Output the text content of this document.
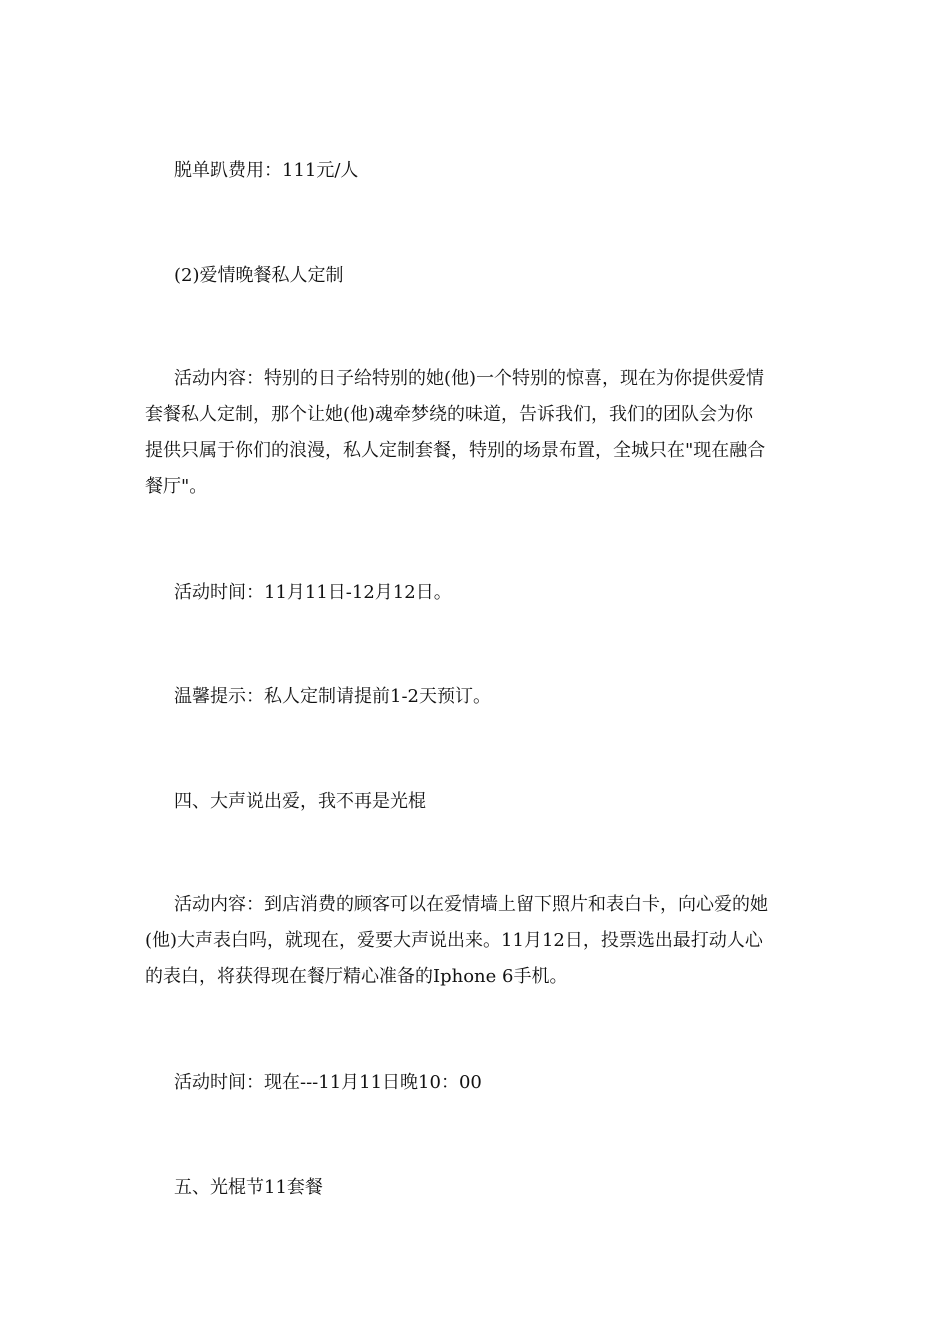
脱单趴费用：111元/人

(2)爱情晚餐私人定制

活动内容：特别的日子给特别的她(他)一个特别的惊喜，现在为你提供爱情
套餐私人定制，那个让她(他)魂牵梦绕的味道，告诉我们，我们的团队会为你
提供只属于你们的浪漫，私人定制套餐，特别的场景布置，全城只在"现在融合
餐厅"。

活动时间：11月11日-12月12日。

温馨提示：私人定制请提前1-2天预订。

四、大声说出爱，我不再是光棍

活动内容：到店消费的顾客可以在爱情墙上留下照片和表白卡，向心爱的她
(他)大声表白吗，就现在，爱要大声说出来。11月12日，投票选出最打动人心
的表白，将获得现在餐厅精心准备的Iphone 6手机。

活动时间：现在---11月11日晚10：00

五、光棍节11套餐
